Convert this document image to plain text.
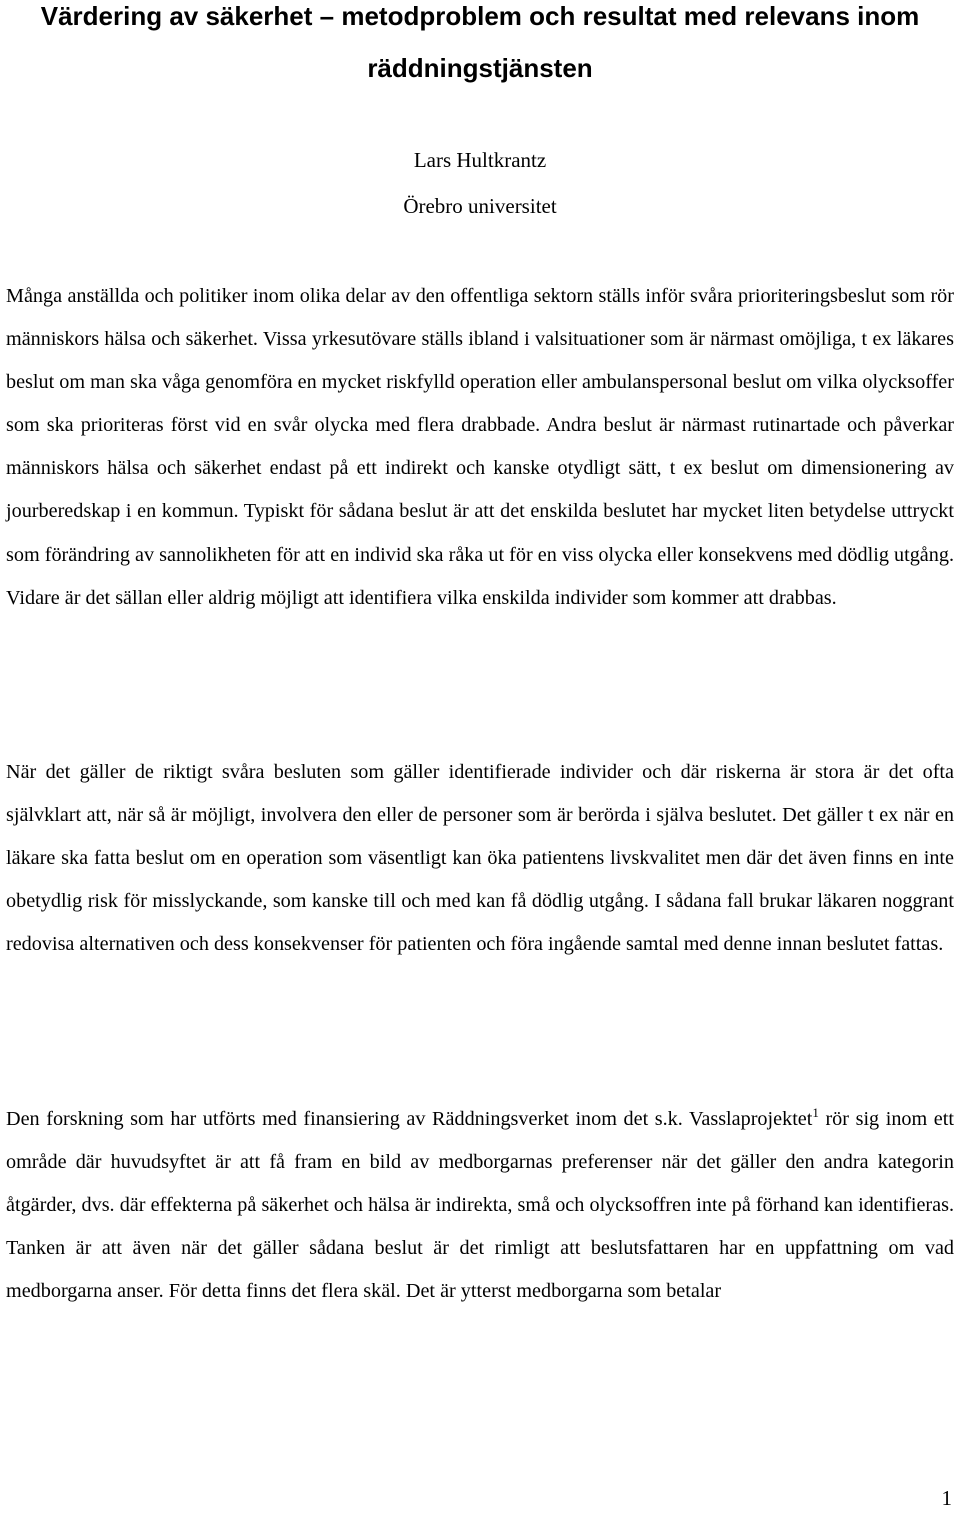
Värdering av säkerhet – metodproblem och resultat med relevans inom räddningstjänsten

Lars Hultkrantz

Örebro universitet

Många anställda och politiker inom olika delar av den offentliga sektorn ställs inför svåra prioriteringsbeslut som rör människors hälsa och säkerhet. Vissa yrkesutövare ställs ibland i valsituationer som är närmast omöjliga, t ex läkares beslut om man ska våga genomföra en mycket riskfylld operation eller ambulanspersonal beslut om vilka olycksoffer som ska prioriteras först vid en svår olycka med flera drabbade. Andra beslut är närmast rutinartade och påverkar människors hälsa och säkerhet endast på ett indirekt och kanske otydligt sätt, t ex beslut om dimensionering av jourberedskap i en kommun. Typiskt för sådana beslut är att det enskilda beslutet har mycket liten betydelse uttryckt som förändring av sannolikheten för att en individ ska råka ut för en viss olycka eller konsekvens med dödlig utgång. Vidare är det sällan eller aldrig möjligt att identifiera vilka enskilda individer som kommer att drabbas.

När det gäller de riktigt svåra besluten som gäller identifierade individer och där riskerna är stora är det ofta självklart att, när så är möjligt, involvera den eller de personer som är berörda i själva beslutet. Det gäller t ex när en läkare ska fatta beslut om en operation som väsentligt kan öka patientens livskvalitet men där det även finns en inte obetydlig risk för misslyckande, som kanske till och med kan få dödlig utgång. I sådana fall brukar läkaren noggrant redovisa alternativen och dess konsekvenser för patienten och föra ingående samtal med denne innan beslutet fattas.

Den forskning som har utförts med finansiering av Räddningsverket inom det s.k. Vasslaprojektet$^1$ rör sig inom ett område där huvudsyftet är att få fram en bild av medborgarnas preferenser när det gäller den andra kategorin åtgärder, dvs. där effekterna på säkerhet och hälsa är indirekta, små och olycksoffren inte på förhand kan identifieras. Tanken är att även när det gäller sådana beslut är det rimligt att beslutsfattaren har en uppfattning om vad medborgarna anser. För detta finns det flera skäl. Det är ytterst medborgarna som betalar

1
